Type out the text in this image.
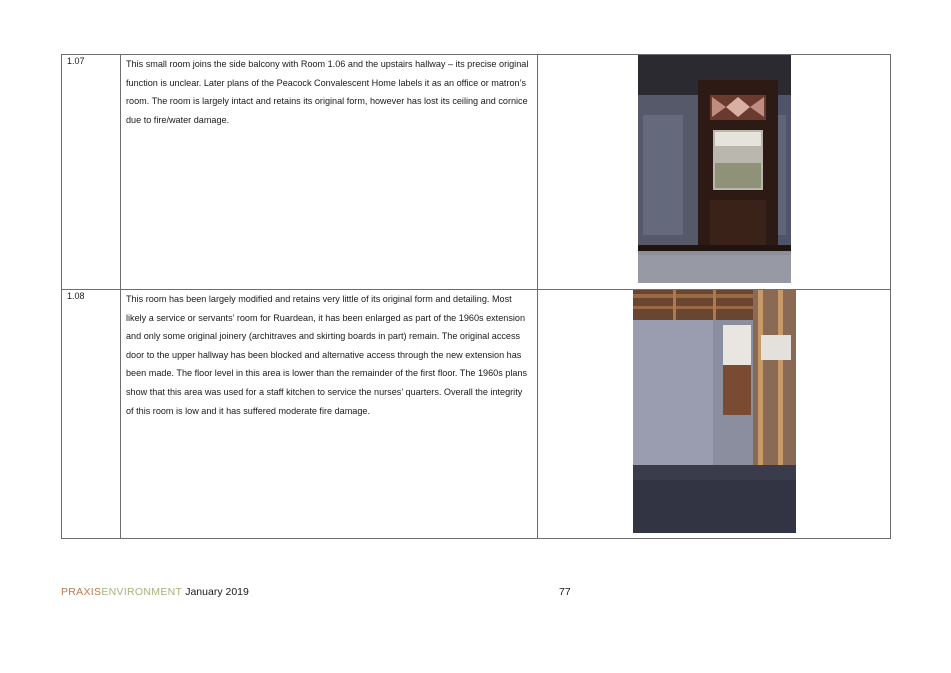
1.07	This small room joins the side balcony with Room 1.06 and the upstairs hallway – its precise original function is unclear. Later plans of the Peacock Convalescent Home labels it as an office or matron’s room. The room is largely intact and retains its original form, however has lost its ceiling and cornice due to fire/water damage.
1.08	This room has been largely modified and retains very little of its original form and detailing. Most likely a service or servants’ room for Ruardean, it has been enlarged as part of the 1960s extension and only some original joinery (architraves and skirting boards in part) remain. The original access door to the upper hallway has been blocked and alternative access through the new extension has been made. The floor level in this area is lower than the remainder of the first floor. The 1960s plans show that this area was used for a staff kitchen to service the nurses’ quarters. Overall the integrity of this room is low and it has suffered moderate fire damage.
PRAXISENVIRONMENT January 2019	77
